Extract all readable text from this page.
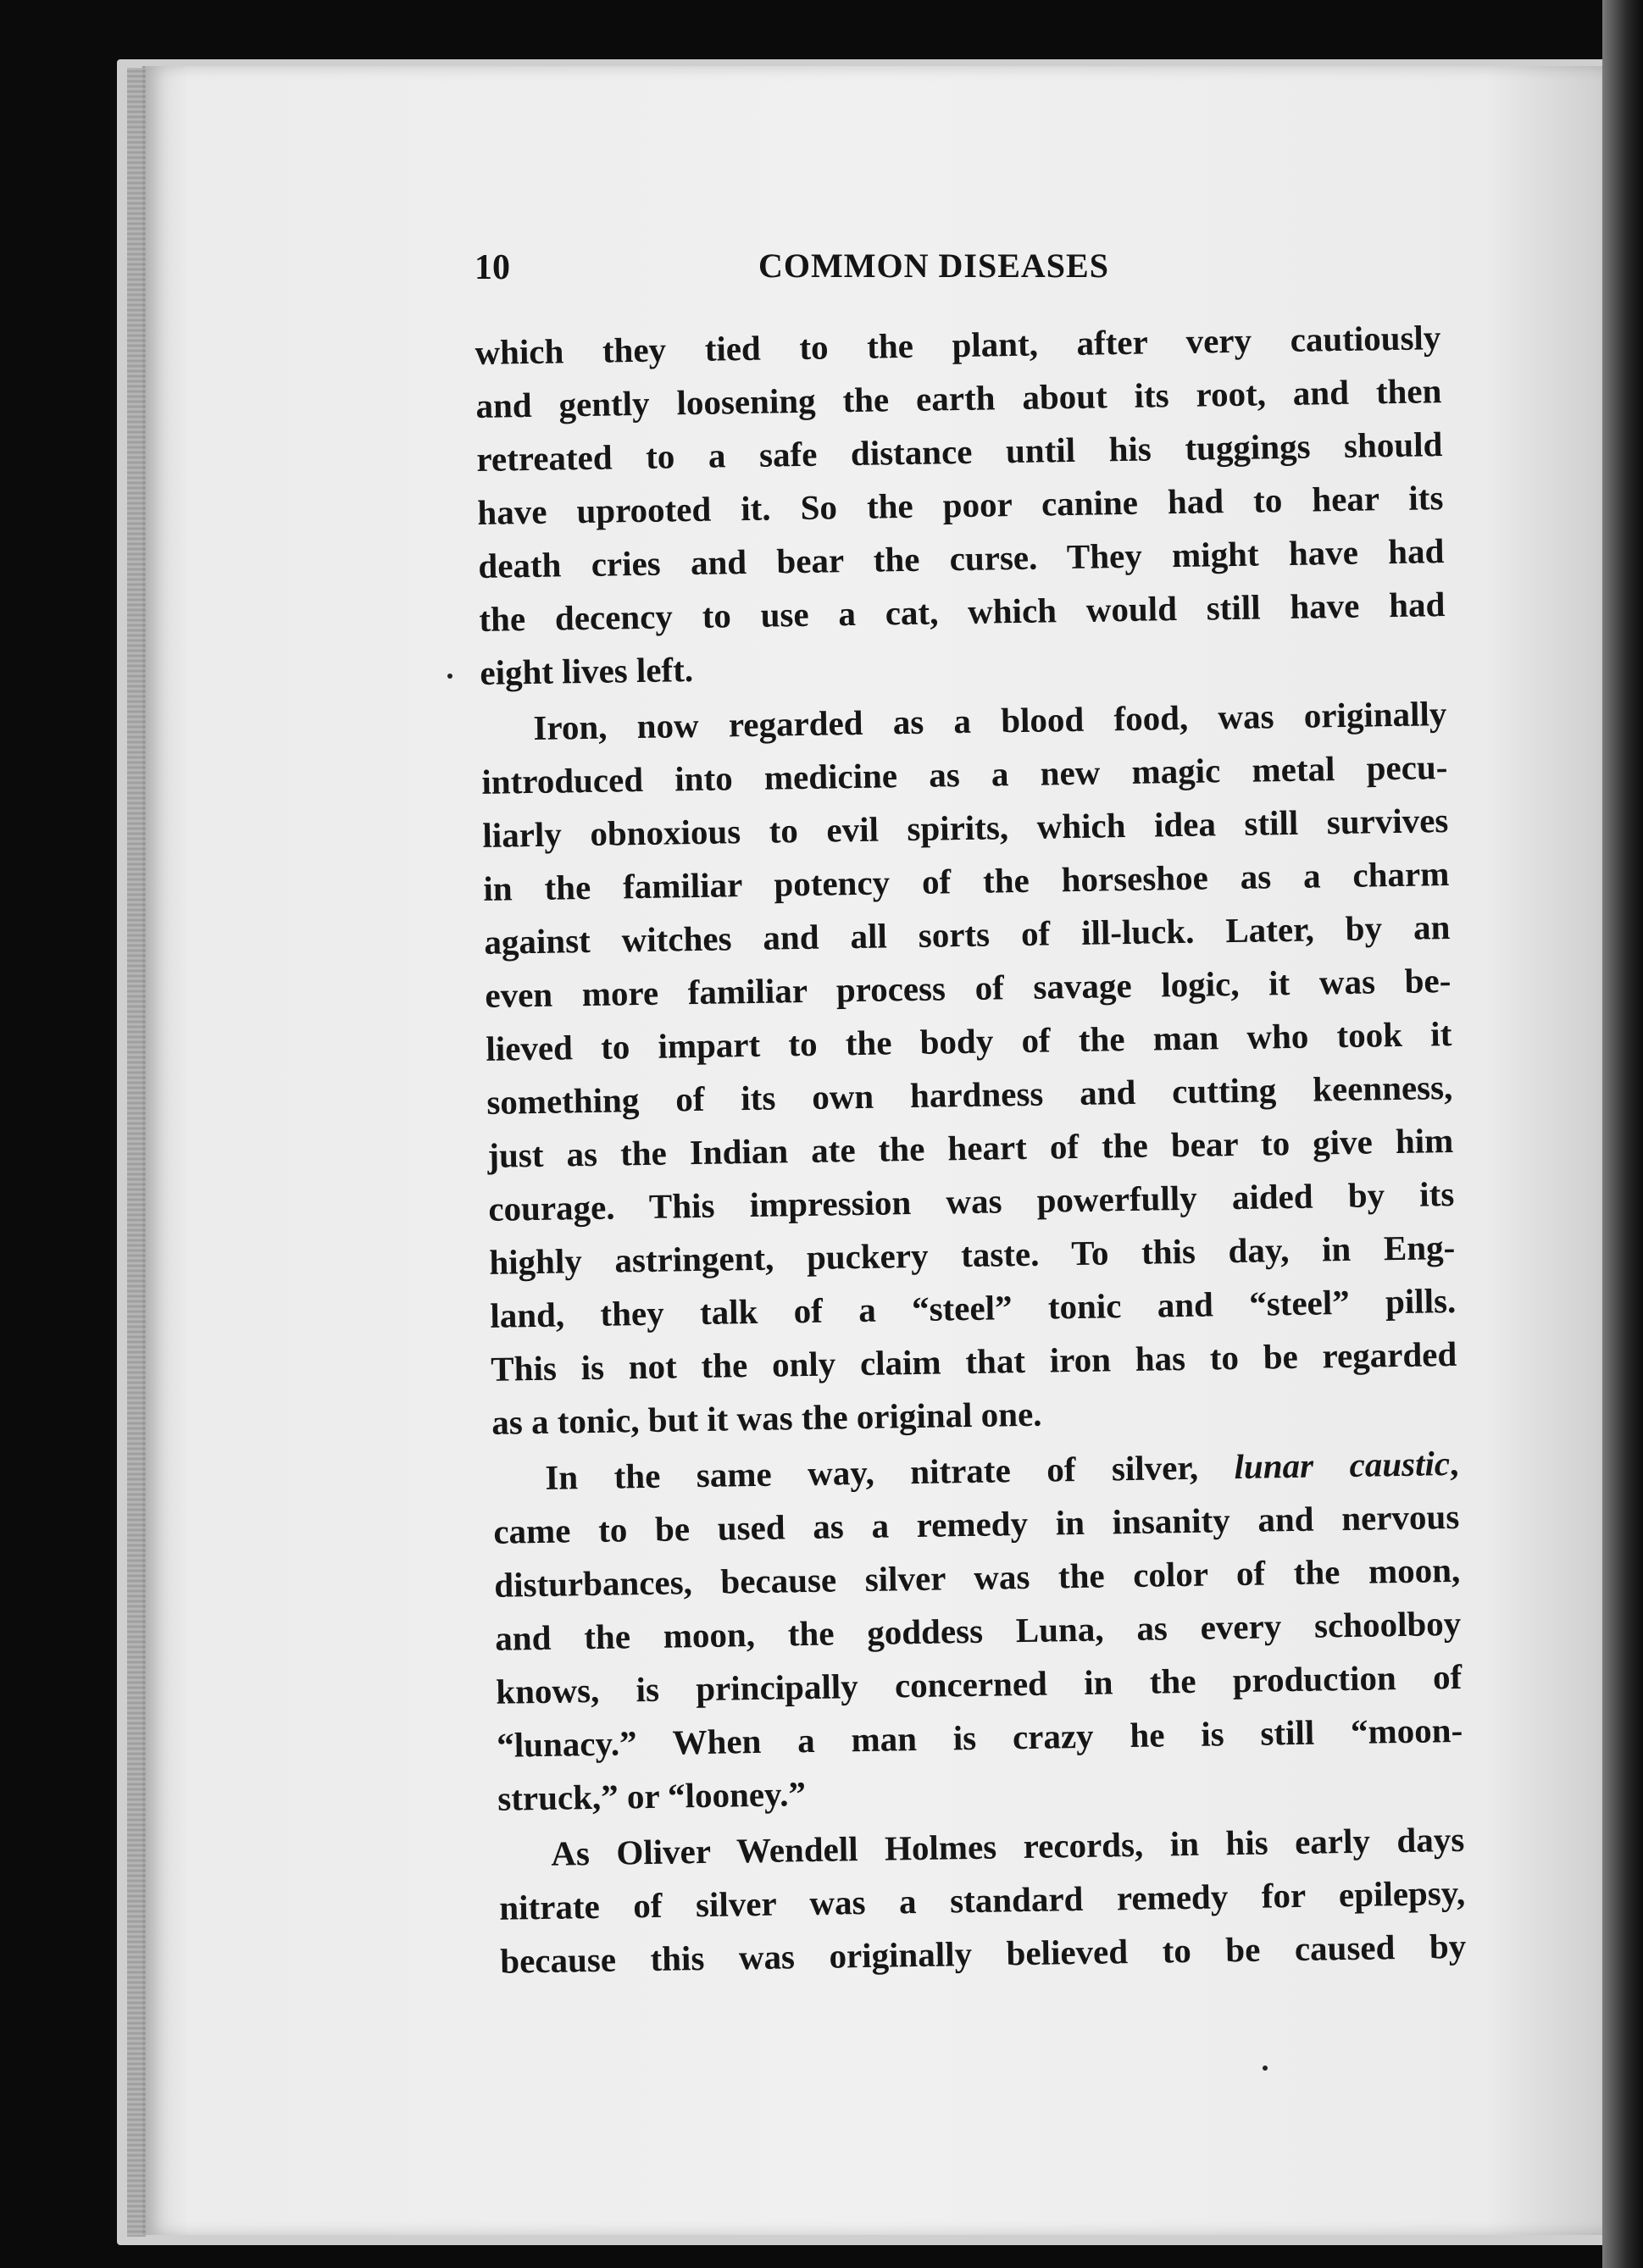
10	COMMON DISEASES
which they tied to the plant, after very cautiously
and gently loosening the earth about its root, and then
retreated to a safe distance until his tuggings should
have uprooted it. So the poor canine had to hear its
death cries and bear the curse. They might have had
the decency to use a cat, which would still have had
eight lives left.
Iron, now regarded as a blood food, was originally
introduced into medicine as a new magic metal pecu-
liarly obnoxious to evil spirits, which idea still survives
in the familiar potency of the horseshoe as a charm
against witches and all sorts of ill-luck. Later, by an
even more familiar process of savage logic, it was be-
lieved to impart to the body of the man who took it
something of its own hardness and cutting keenness,
just as the Indian ate the heart of the bear to give him
courage. This impression was powerfully aided by its
highly astringent, puckery taste. To this day, in Eng-
land, they talk of a “steel” tonic and “steel” pills.
This is not the only claim that iron has to be regarded
as a tonic, but it was the original one.
In the same way, nitrate of silver, lunar caustic,
came to be used as a remedy in insanity and nervous
disturbances, because silver was the color of the moon,
and the moon, the goddess Luna, as every schoolboy
knows, is principally concerned in the production of
“lunacy.” When a man is crazy he is still “moon-
struck,” or “looney.”
As Oliver Wendell Holmes records, in his early days
nitrate of silver was a standard remedy for epilepsy,
because this was originally believed to be caused by
